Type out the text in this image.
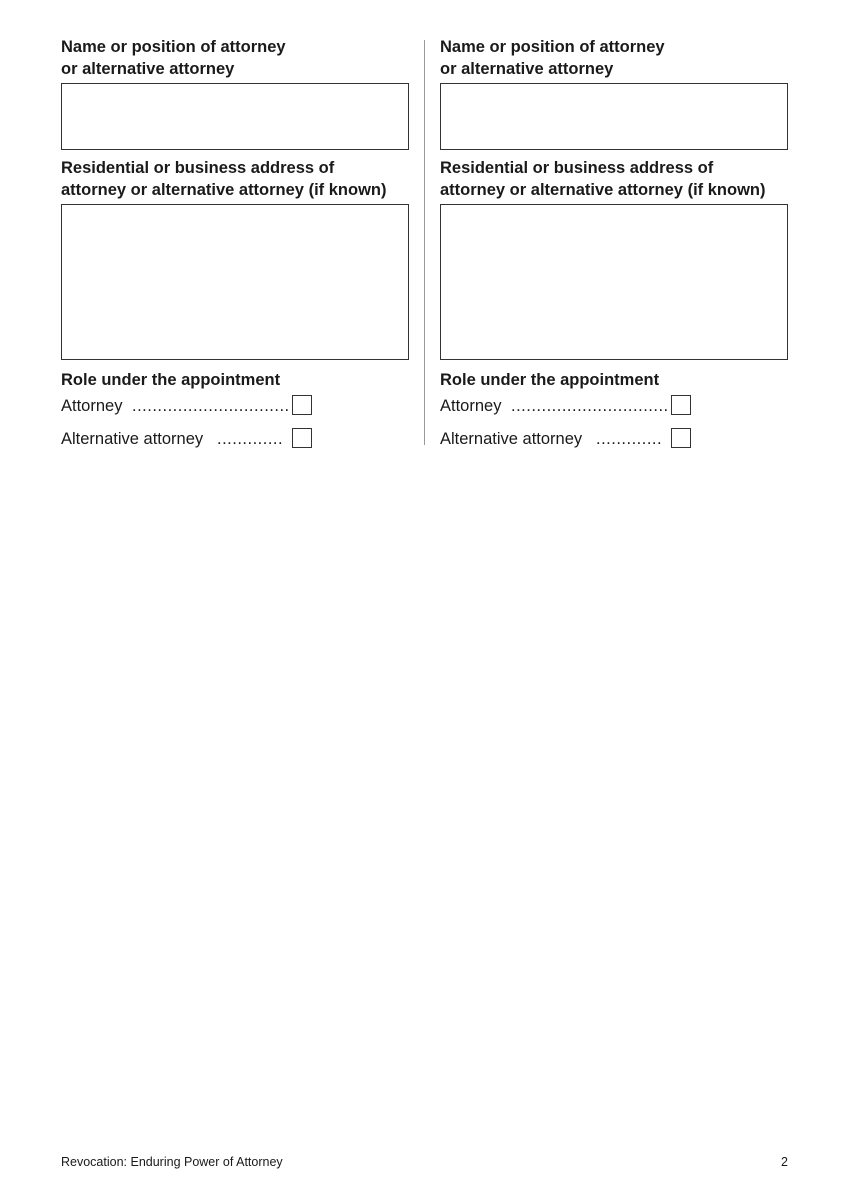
Name or position of attorney
or alternative attorney

Residential or business address of
attorney or alternative attorney (if known)

Role under the appointment

Attorney ...............................
Alternative attorney .............

Name or position of attorney
or alternative attorney

Residential or business address of
attorney or alternative attorney (if known)

Role under the appointment

Attorney ...............................
Alternative attorney .............
Revocation: Enduring Power of Attorney	2
